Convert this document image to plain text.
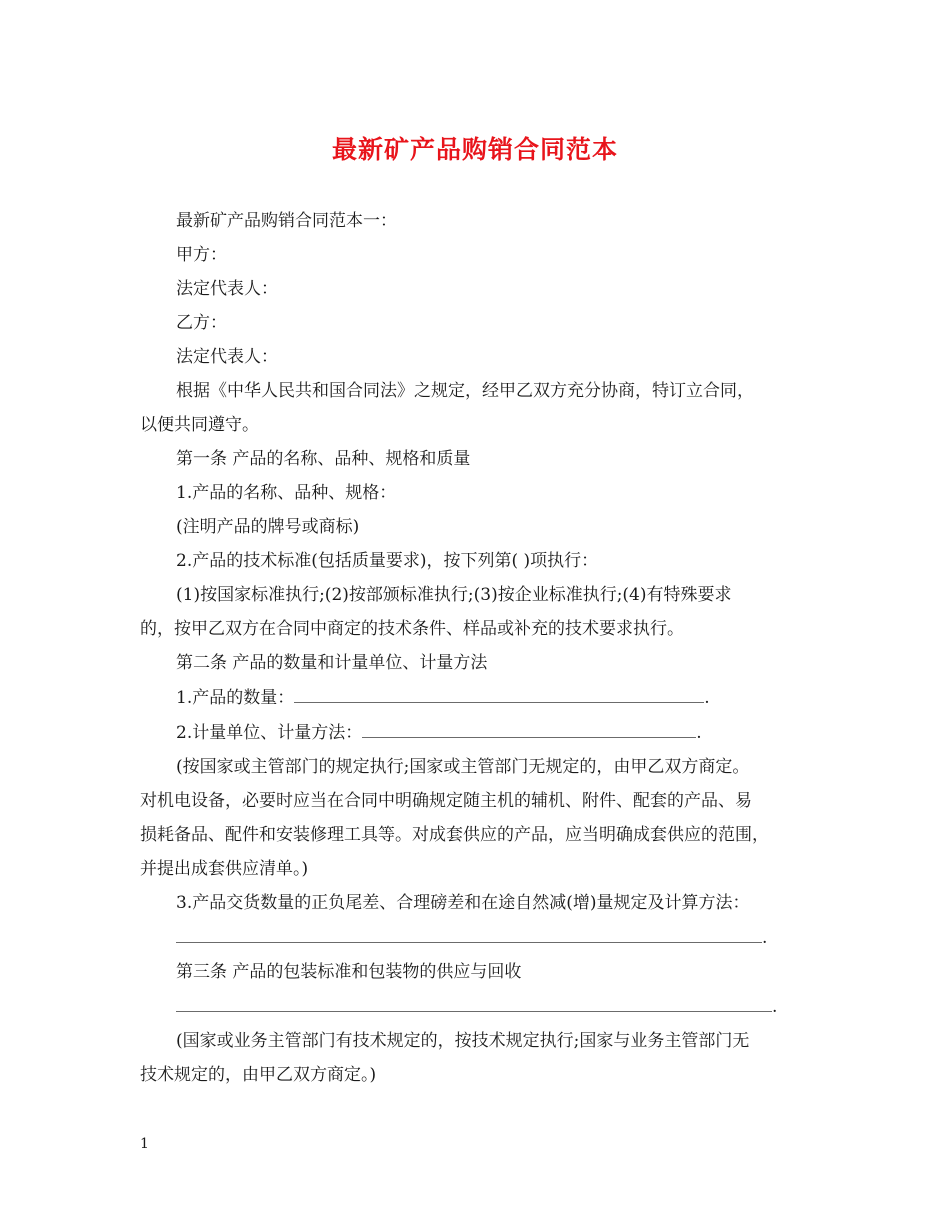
最新矿产品购销合同范本

最新矿产品购销合同范本一：

甲方：

法定代表人：

乙方：

法定代表人：

根据《中华人民共和国合同法》之规定，经甲乙双方充分协商，特订立合同，

以便共同遵守。

第一条 产品的名称、品种、规格和质量

1.产品的名称、品种、规格：

(注明产品的牌号或商标)

2.产品的技术标准(包括质量要求)，按下列第( )项执行：

(1)按国家标准执行;(2)按部颁标准执行;(3)按企业标准执行;(4)有特殊要求

的，按甲乙双方在合同中商定的技术条件、样品或补充的技术要求执行。

第二条 产品的数量和计量单位、计量方法

1.产品的数量：	.

2.计量单位、计量方法：	.

(按国家或主管部门的规定执行;国家或主管部门无规定的，由甲乙双方商定。

对机电设备，必要时应当在合同中明确规定随主机的辅机、附件、配套的产品、易

损耗备品、配件和安装修理工具等。对成套供应的产品，应当明确成套供应的范围，

并提出成套供应清单。)

3.产品交货数量的正负尾差、合理磅差和在途自然减(增)量规定及计算方法：

.

第三条 产品的包装标准和包装物的供应与回收

.

(国家或业务主管部门有技术规定的，按技术规定执行;国家与业务主管部门无

技术规定的，由甲乙双方商定。)

1
